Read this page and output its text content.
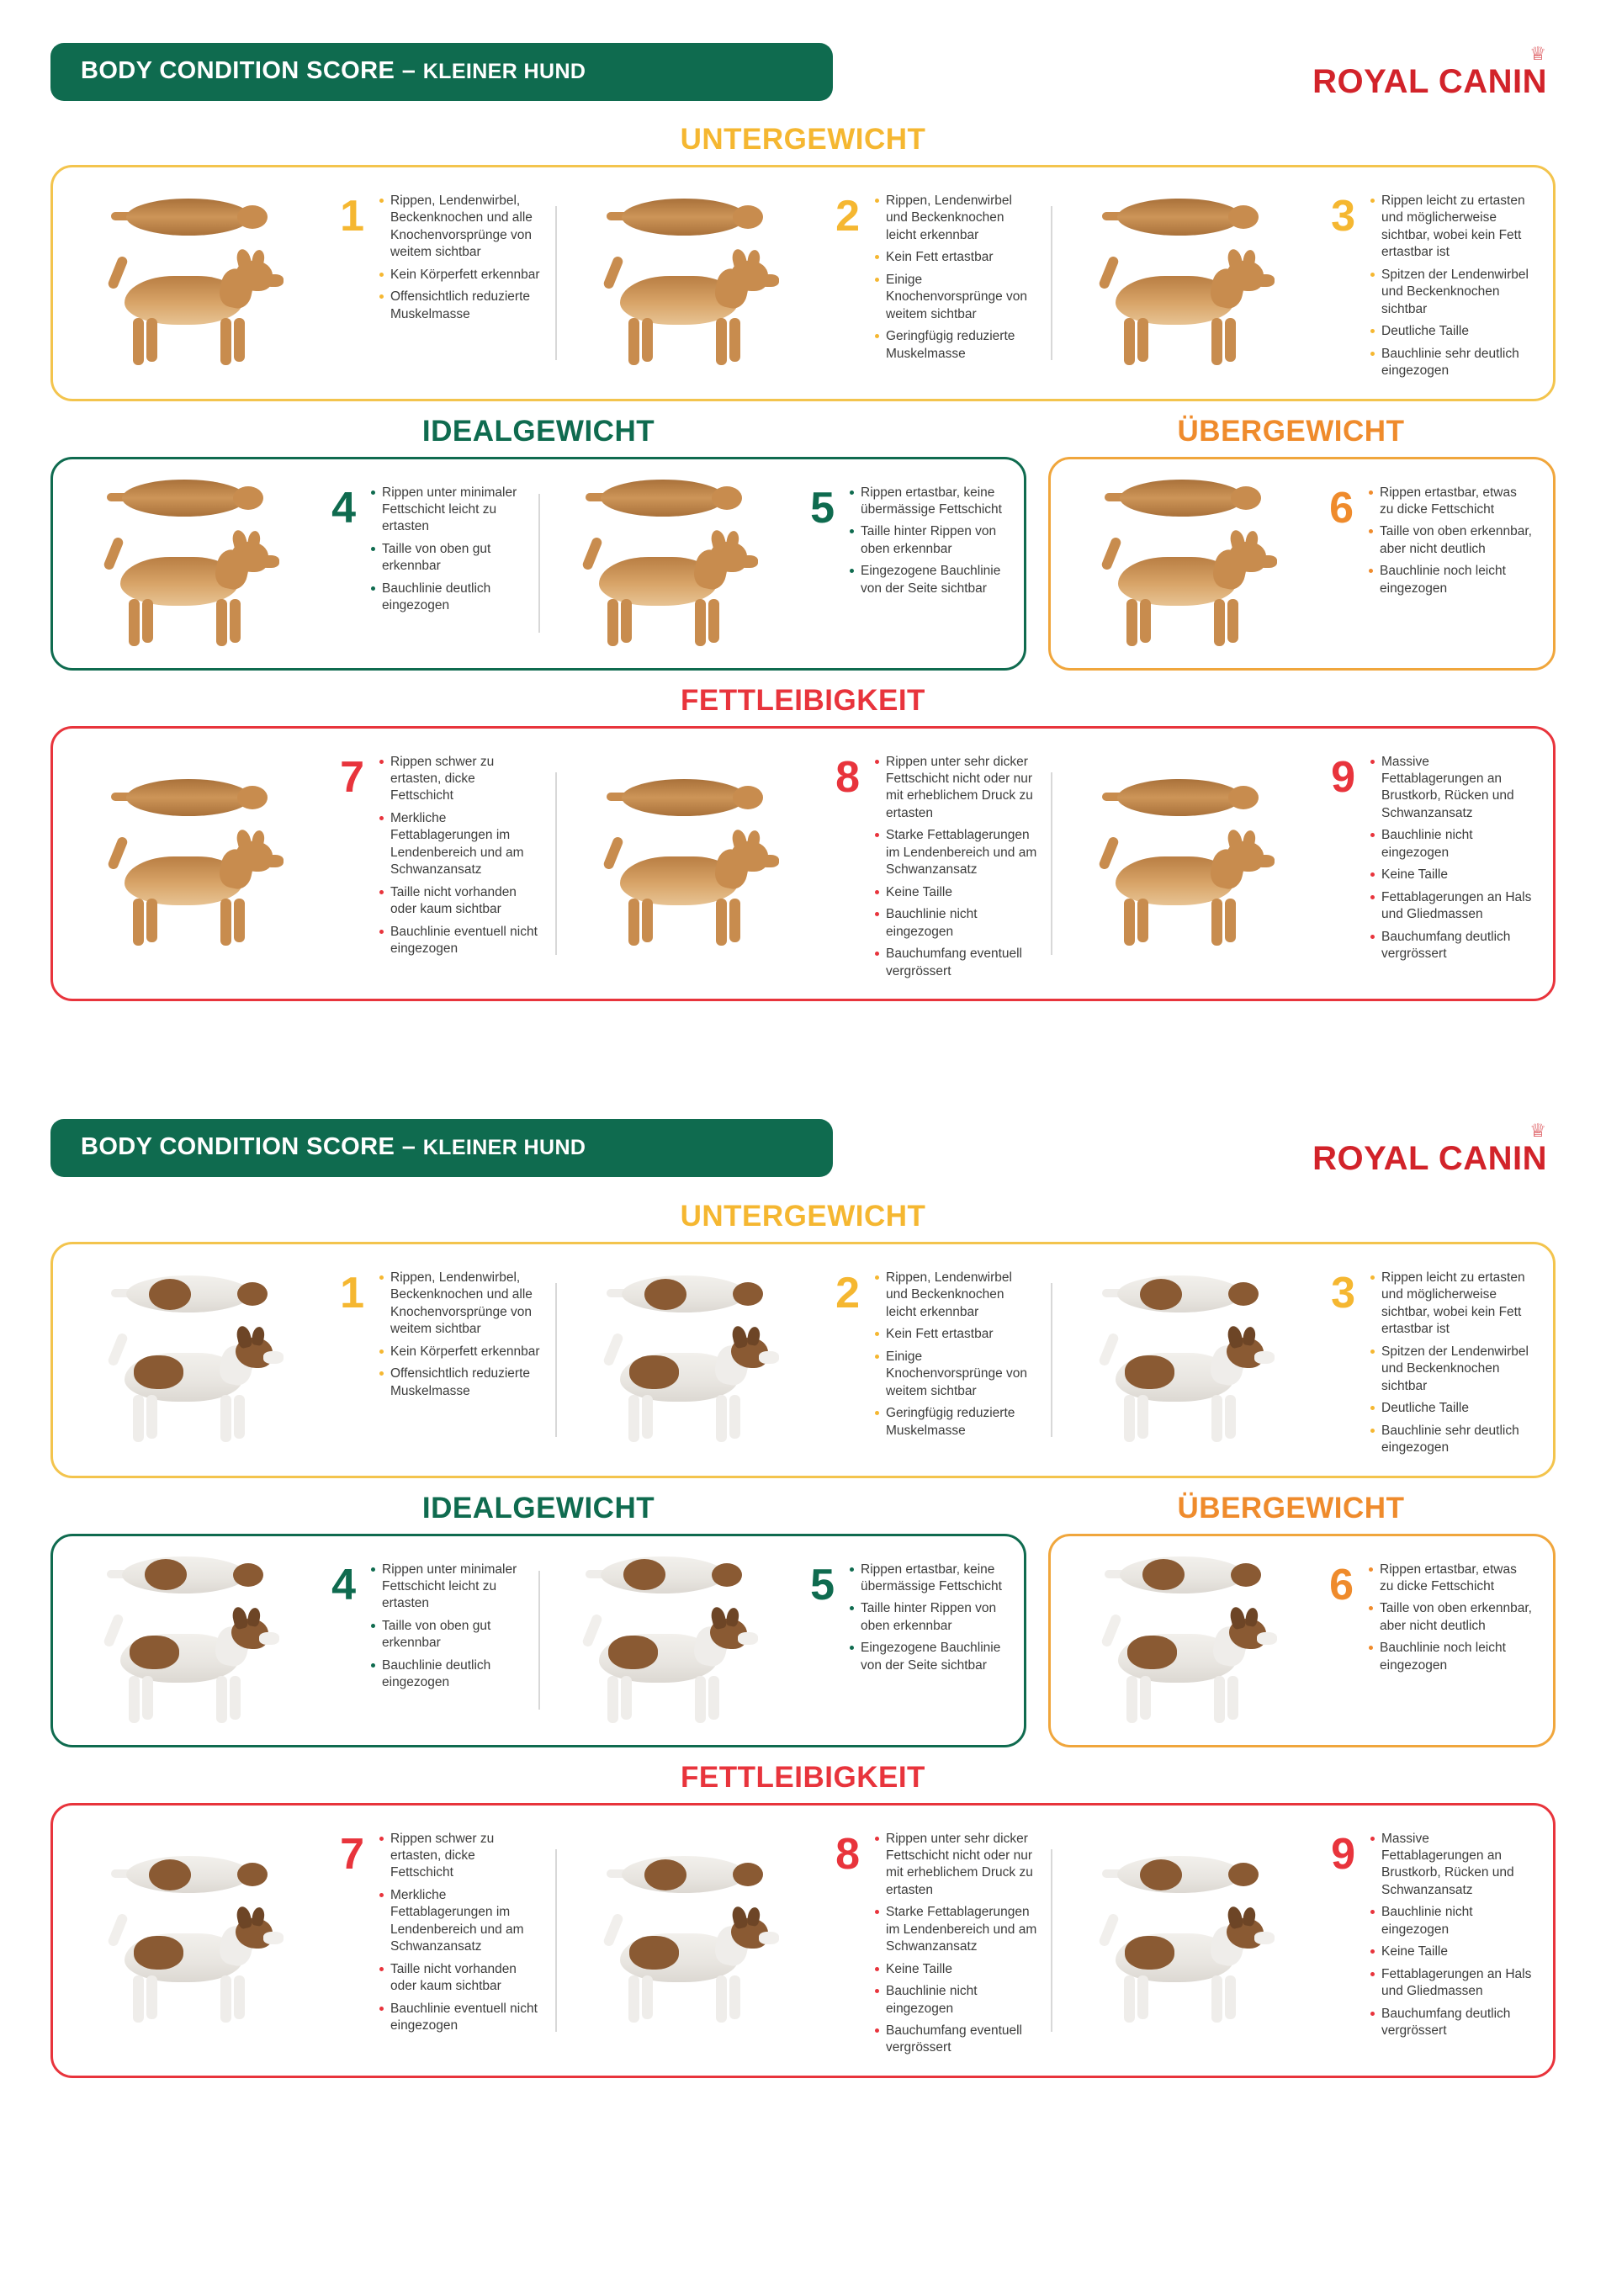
BODY CONDITION SCORE – KLEINER HUND
♕
ROYAL CANIN
UNTERGEWICHT
1	Rippen, Lendenwirbel, Beckenknochen und alle Knochenvorsprünge von weitem sichtbar
Kein Körperfett erkennbar
Offensichtlich reduzierte Muskelmasse
2	Rippen, Lendenwirbel und Beckenknochen leicht erkennbar
Kein Fett ertastbar
Einige Knochenvorsprünge von weitem sichtbar
Geringfügig reduzierte Muskelmasse
3	Rippen leicht zu ertasten und möglicherweise sichtbar, wobei kein Fett ertastbar ist
Spitzen der Lendenwirbel und Beckenknochen sichtbar
Deutliche Taille
Bauchlinie sehr deutlich eingezogen
IDEALGEWICHT	ÜBERGEWICHT
4	Rippen unter minimaler Fettschicht leicht zu ertasten
Taille von oben gut erkennbar
Bauchlinie deutlich eingezogen
5	Rippen ertastbar, keine übermässige Fettschicht
Taille hinter Rippen von oben erkennbar
Eingezogene Bauchlinie von der Seite sichtbar
6	Rippen ertastbar, etwas zu dicke Fettschicht
Taille von oben erkennbar, aber nicht deutlich
Bauchlinie noch leicht eingezogen
FETTLEIBIGKEIT
7	Rippen schwer zu ertasten, dicke Fettschicht
Merkliche Fettablagerungen im Lendenbereich und am Schwanzansatz
Taille nicht vorhanden oder kaum sichtbar
Bauchlinie eventuell nicht eingezogen
8	Rippen unter sehr dicker Fettschicht nicht oder nur mit erheblichem Druck zu ertasten
Starke Fettablagerungen im Lendenbereich und am Schwanzansatz
Keine Taille
Bauchlinie nicht eingezogen
Bauchumfang eventuell vergrössert
9	Massive Fettablagerungen an Brustkorb, Rücken und Schwanzansatz
Bauchlinie nicht eingezogen
Keine Taille
Fettablagerungen an Hals und Gliedmassen
Bauchumfang deutlich vergrössert
BODY CONDITION SCORE – KLEINER HUND
♕
ROYAL CANIN
UNTERGEWICHT
1	Rippen, Lendenwirbel, Beckenknochen und alle Knochenvorsprünge von weitem sichtbar
Kein Körperfett erkennbar
Offensichtlich reduzierte Muskelmasse
2	Rippen, Lendenwirbel und Beckenknochen leicht erkennbar
Kein Fett ertastbar
Einige Knochenvorsprünge von weitem sichtbar
Geringfügig reduzierte Muskelmasse
3	Rippen leicht zu ertasten und möglicherweise sichtbar, wobei kein Fett ertastbar ist
Spitzen der Lendenwirbel und Beckenknochen sichtbar
Deutliche Taille
Bauchlinie sehr deutlich eingezogen
IDEALGEWICHT	ÜBERGEWICHT
4	Rippen unter minimaler Fettschicht leicht zu ertasten
Taille von oben gut erkennbar
Bauchlinie deutlich eingezogen
5	Rippen ertastbar, keine übermässige Fettschicht
Taille hinter Rippen von oben erkennbar
Eingezogene Bauchlinie von der Seite sichtbar
6	Rippen ertastbar, etwas zu dicke Fettschicht
Taille von oben erkennbar, aber nicht deutlich
Bauchlinie noch leicht eingezogen
FETTLEIBIGKEIT
7	Rippen schwer zu ertasten, dicke Fettschicht
Merkliche Fettablagerungen im Lendenbereich und am Schwanzansatz
Taille nicht vorhanden oder kaum sichtbar
Bauchlinie eventuell nicht eingezogen
8	Rippen unter sehr dicker Fettschicht nicht oder nur mit erheblichem Druck zu ertasten
Starke Fettablagerungen im Lendenbereich und am Schwanzansatz
Keine Taille
Bauchlinie nicht eingezogen
Bauchumfang eventuell vergrössert
9	Massive Fettablagerungen an Brustkorb, Rücken und Schwanzansatz
Bauchlinie nicht eingezogen
Keine Taille
Fettablagerungen an Hals und Gliedmassen
Bauchumfang deutlich vergrössert
